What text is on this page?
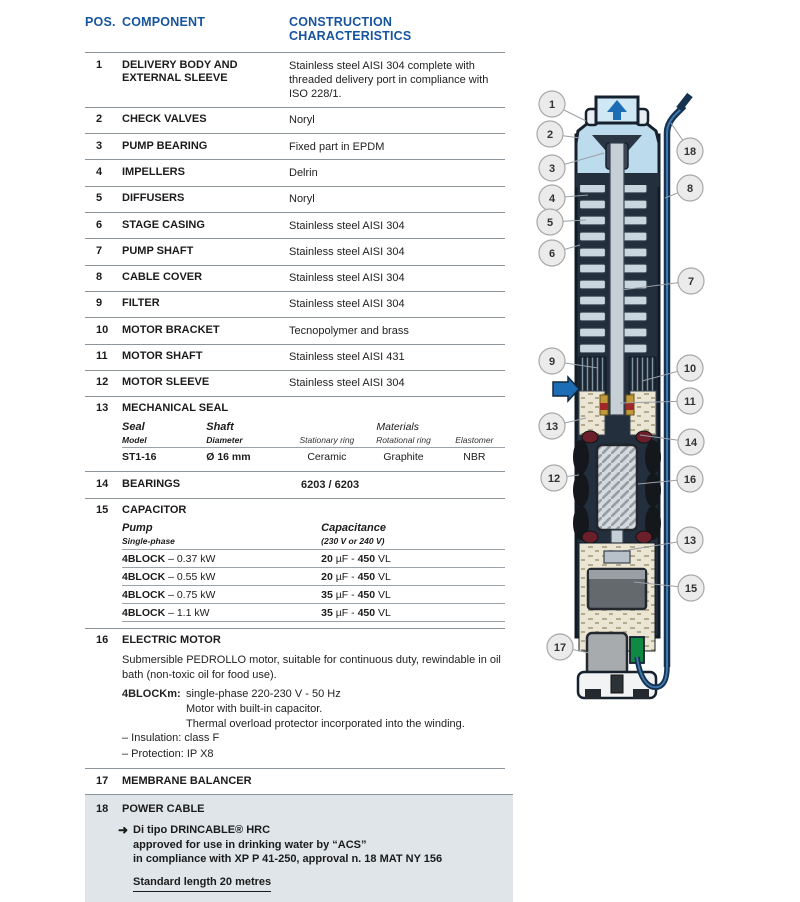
POS. COMPONENT	CONSTRUCTION CHARACTERISTICS
1	DELIVERY BODY AND EXTERNAL SLEEVE
Stainless steel AISI 304 complete with threaded delivery port in compliance with ISO 228/1.
2	CHECK VALVES	Noryl
3	PUMP BEARING	Fixed part in EPDM
4	IMPELLERS	Delrin
5	DIFFUSERS	Noryl
6	STAGE CASING	Stainless steel AISI 304
7	PUMP SHAFT	Stainless steel AISI 304
8	CABLE COVER	Stainless steel AISI 304
9	FILTER	Stainless steel AISI 304
10	MOTOR BRACKET	Tecnopolymer and brass
11	MOTOR SHAFT	Stainless steel AISI 431
12	MOTOR SLEEVE	Stainless steel AISI 304
13	MECHANICAL SEAL
Seal	Shaft	Materials
Model	Diameter	Stationary ring	Rotational ring	Elastomer
ST1-16	Ø 16 mm	Ceramic	Graphite	NBR
14	BEARINGS	6203 / 6203
15	CAPACITOR
Pump	Capacitance
Single-phase	(230 V or 240 V)
4BLOCK – 0.37 kW	20 µF - 450 VL
4BLOCK – 0.55 kW	20 µF - 450 VL
4BLOCK – 0.75 kW	35 µF - 450 VL
4BLOCK – 1.1 kW	35 µF - 450 VL
16	ELECTRIC MOTOR

Submersible PEDROLLO motor, suitable for continuous duty, rewindable in oil bath (non-toxic oil for food use).

4BLOCKm: single-phase 220-230 V - 50 Hz
Motor with built-in capacitor.
Thermal overload protector incorporated into the winding.
– Insulation: class F
– Protection: IP X8
17	MEMBRANE BALANCER
18	POWER CABLE
➜ Di tipo DRINCABLE® HRC
approved for use in drinking water by “ACS”
in compliance with XP P 41-250, approval n. 18 MAT NY 156
Standard length 20 metres
1
2
3
4
5
6
9
13
12
17
18
8
7
10
11
14
16
13
15
